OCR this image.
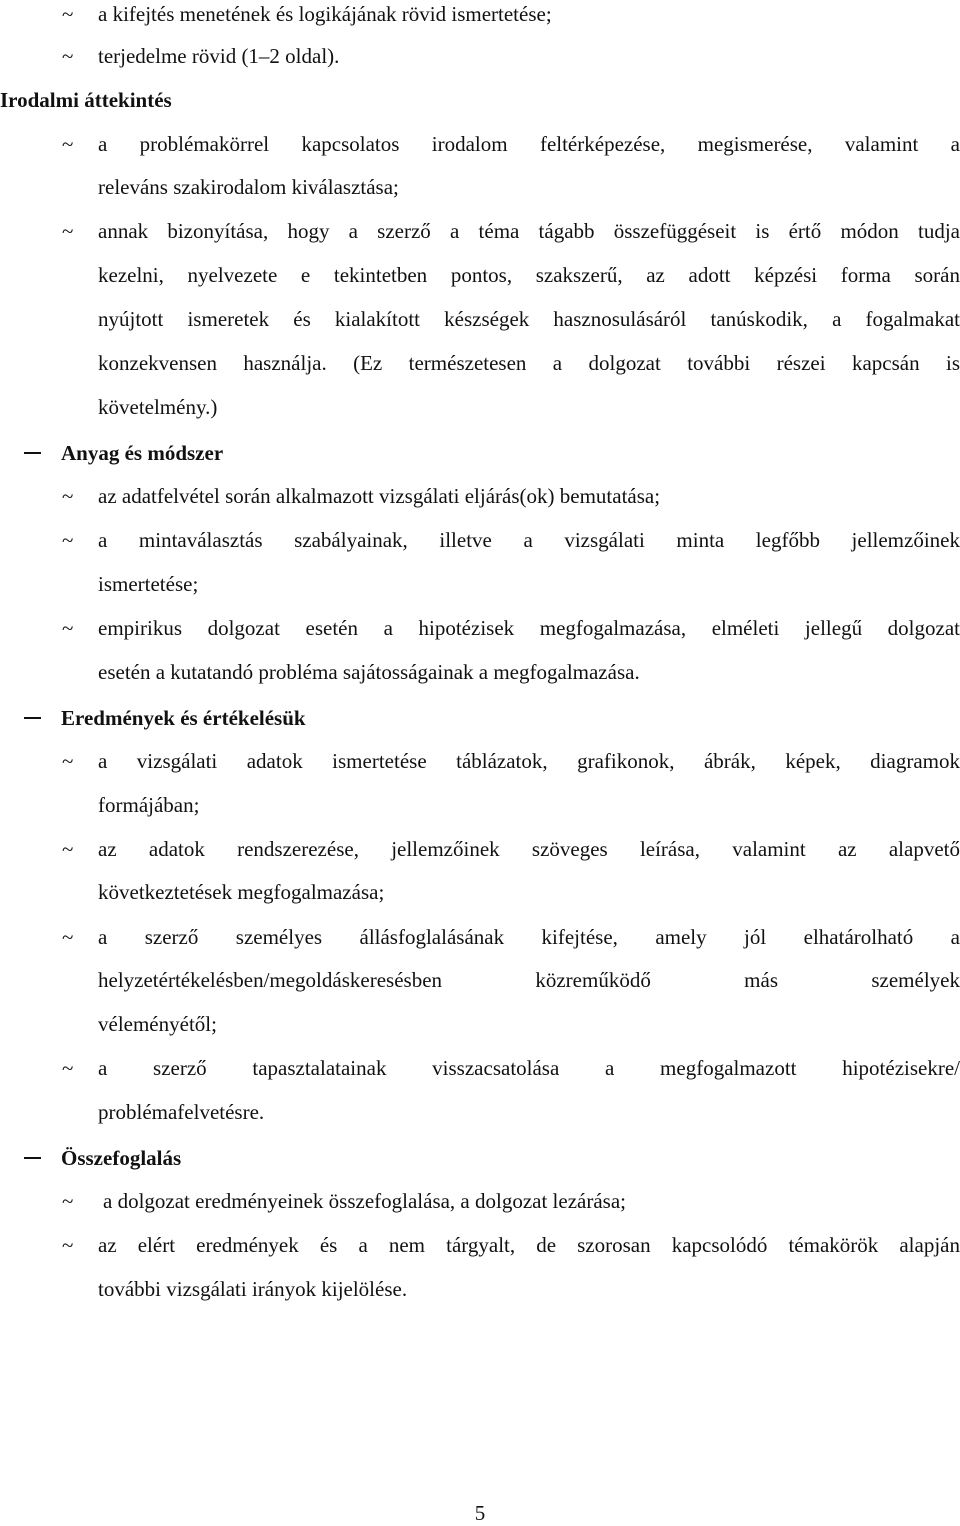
~ a kifejtés menetének és logikájának rövid ismertetése;
~ terjedelme rövid (1–2 oldal).
Irodalmi áttekintés
~ a problémakörrel kapcsolatos irodalom feltérképezése, megismerése, valamint a
releváns szakirodalom kiválasztása;
~ annak bizonyítása, hogy a szerző a téma tágabb összefüggéseit is értő módon tudja
kezelni, nyelvezete e tekintetben pontos, szakszerű, az adott képzési forma során
nyújtott ismeretek és kialakított készségek hasznosulásáról tanúskodik, a fogalmakat
konzekvensen használja. (Ez természetesen a dolgozat további részei kapcsán is
követelmény.)
Anyag és módszer
~ az adatfelvétel során alkalmazott vizsgálati eljárás(ok) bemutatása;
~ a mintaválasztás szabályainak, illetve a vizsgálati minta legfőbb jellemzőinek
ismertetése;
~ empirikus dolgozat esetén a hipotézisek megfogalmazása, elméleti jellegű dolgozat
esetén a kutatandó probléma sajátosságainak a megfogalmazása.
Eredmények és értékelésük
~ a vizsgálati adatok ismertetése táblázatok, grafikonok, ábrák, képek, diagramok
formájában;
~ az adatok rendszerezése, jellemzőinek szöveges leírása, valamint az alapvető
következtetések megfogalmazása;
~ a szerző személyes állásfoglalásának kifejtése, amely jól elhatárolható a
helyzetértékelésben/megoldáskeresésben közreműködő más személyek
véleményétől;
~ a szerző tapasztalatainak visszacsatolása a megfogalmazott hipotézisekre/
problémafelvetésre.
Összefoglalás
~ a dolgozat eredményeinek összefoglalása, a dolgozat lezárása;
~ az elért eredmények és a nem tárgyalt, de szorosan kapcsolódó témakörök alapján
további vizsgálati irányok kijelölése.
5
